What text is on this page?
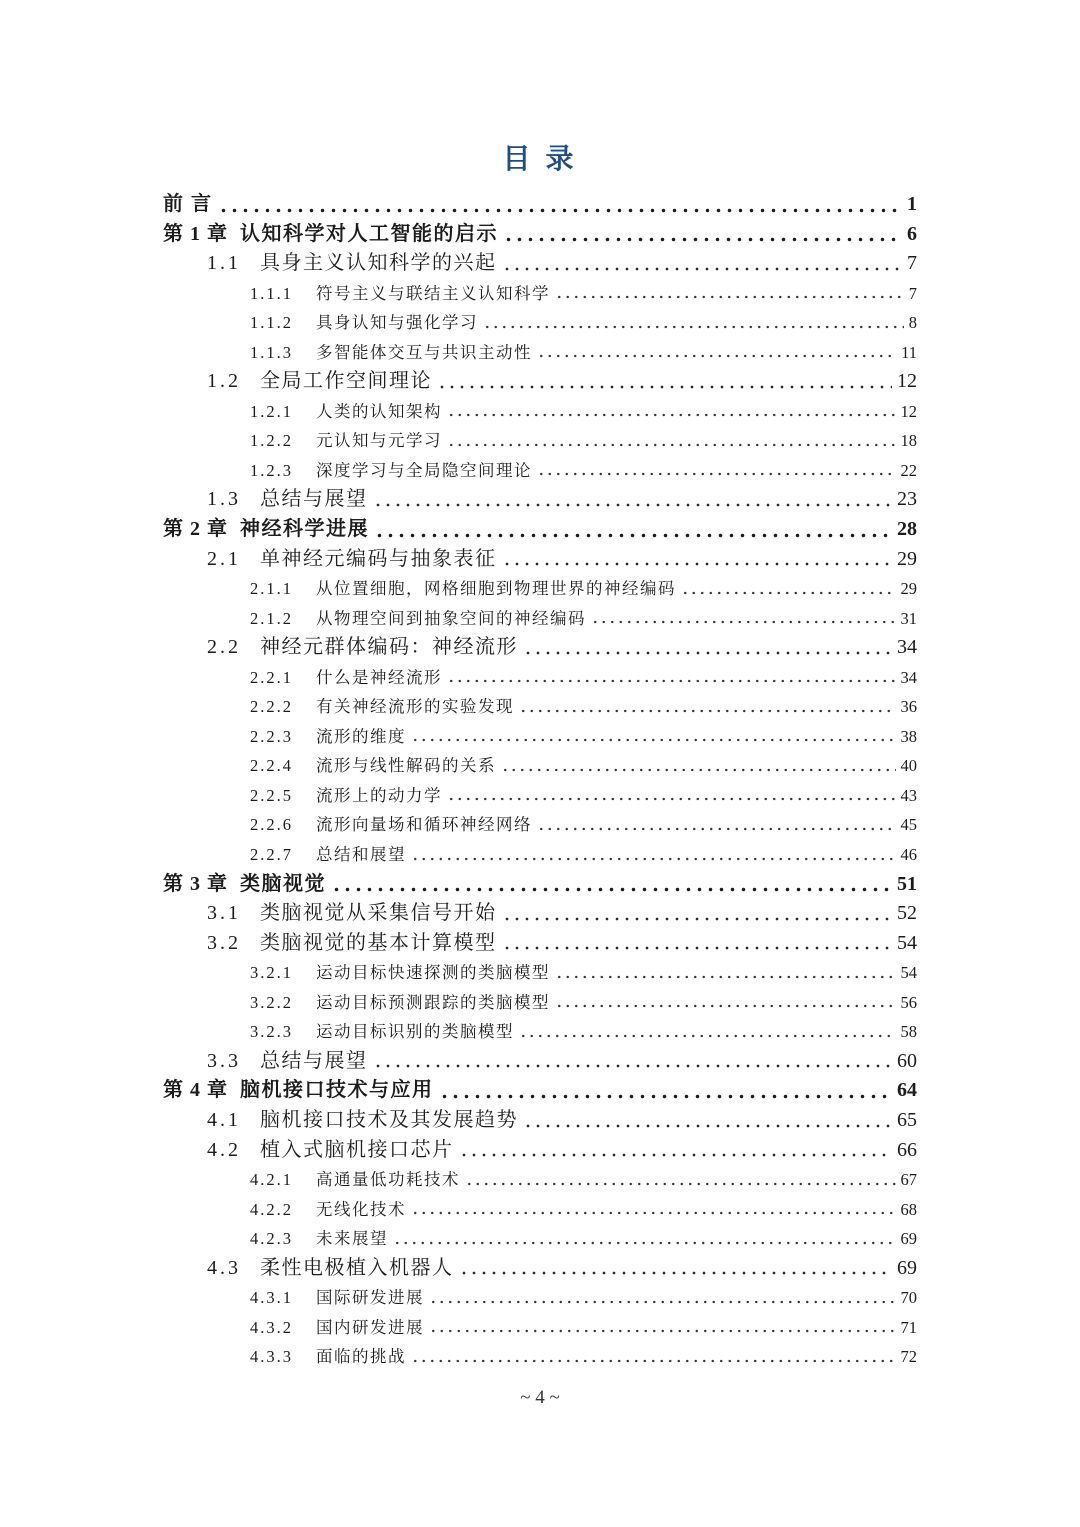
目 录
前 言	1
第 1 章 认知科学对人工智能的启示	6
1.1 具身主义认知科学的兴起	7
1.1.1	符号主义与联结主义认知科学	7
1.1.2	具身认知与强化学习	8
1.1.3	多智能体交互与共识主动性	11
1.2 全局工作空间理论	12
1.2.1	人类的认知架构	12
1.2.2	元认知与元学习	18
1.2.3	深度学习与全局隐空间理论	22
1.3 总结与展望	23
第 2 章 神经科学进展	28
2.1 单神经元编码与抽象表征	29
2.1.1	从位置细胞，网格细胞到物理世界的神经编码	29
2.1.2	从物理空间到抽象空间的神经编码	31
2.2 神经元群体编码：神经流形	34
2.2.1	什么是神经流形	34
2.2.2	有关神经流形的实验发现	36
2.2.3	流形的维度	38
2.2.4	流形与线性解码的关系	40
2.2.5	流形上的动力学	43
2.2.6	流形向量场和循环神经网络	45
2.2.7	总结和展望	46
第 3 章 类脑视觉	51
3.1 类脑视觉从采集信号开始	52
3.2 类脑视觉的基本计算模型	54
3.2.1	运动目标快速探测的类脑模型	54
3.2.2	运动目标预测跟踪的类脑模型	56
3.2.3	运动目标识别的类脑模型	58
3.3 总结与展望	60
第 4 章 脑机接口技术与应用	64
4.1 脑机接口技术及其发展趋势	65
4.2 植入式脑机接口芯片	66
4.2.1	高通量低功耗技术	67
4.2.2	无线化技术	68
4.2.3	未来展望	69
4.3 柔性电极植入机器人	69
4.3.1	国际研发进展	70
4.3.2	国内研发进展	71
4.3.3	面临的挑战	72
~ 4 ~
